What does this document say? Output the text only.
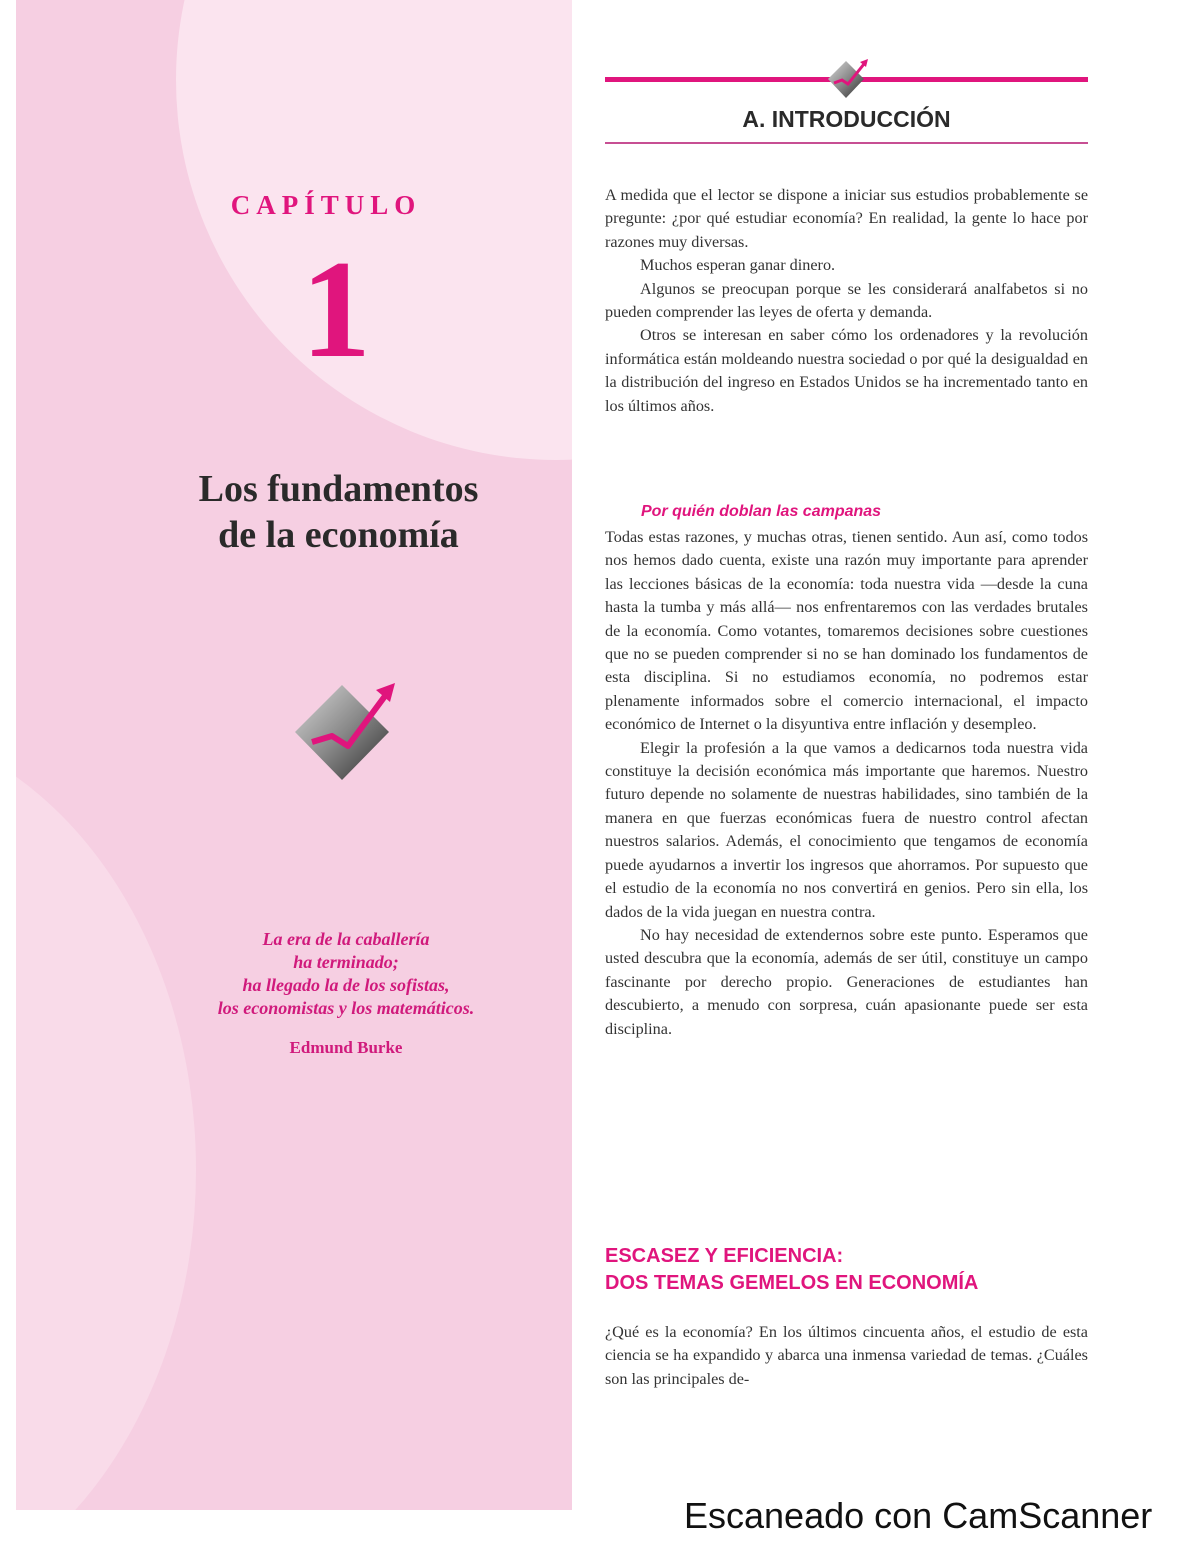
CAPÍTULO
1
Los fundamentos
de la economía
La era de la caballería
ha terminado;
ha llegado la de los sofistas,
los economistas y los matemáticos.
Edmund Burke
A. INTRODUCCIÓN

A medida que el lector se dispone a iniciar sus estudios probablemente se pregunte: ¿por qué estudiar economía? En realidad, la gente lo hace por razones muy diversas.

Muchos esperan ganar dinero.

Algunos se preocupan porque se les considerará analfabetos si no pueden comprender las leyes de oferta y demanda.

Otros se interesan en saber cómo los ordenadores y la revolución informática están moldeando nuestra sociedad o por qué la desigualdad en la distribución del ingreso en Estados Unidos se ha incrementado tanto en los últimos años.

Por quién doblan las campanas

Todas estas razones, y muchas otras, tienen sentido. Aun así, como todos nos hemos dado cuenta, existe una razón muy importante para aprender las lecciones básicas de la economía: toda nuestra vida —desde la cuna hasta la tumba y más allá— nos enfrentaremos con las verdades brutales de la economía. Como votantes, tomaremos decisiones sobre cuestiones que no se pueden comprender si no se han dominado los fundamentos de esta disciplina. Si no estudiamos economía, no podremos estar plenamente informados sobre el comercio internacional, el impacto económico de Internet o la disyuntiva entre inflación y desempleo.

Elegir la profesión a la que vamos a dedicarnos toda nuestra vida constituye la decisión económica más importante que haremos. Nuestro futuro depende no solamente de nuestras habilidades, sino también de la manera en que fuerzas económicas fuera de nuestro control afectan nuestros salarios. Además, el conocimiento que tengamos de economía puede ayudarnos a invertir los ingresos que ahorramos. Por supuesto que el estudio de la economía no nos convertirá en genios. Pero sin ella, los dados de la vida juegan en nuestra contra.

No hay necesidad de extendernos sobre este punto. Esperamos que usted descubra que la economía, además de ser útil, constituye un campo fascinante por derecho propio. Generaciones de estudiantes han descubierto, a menudo con sorpresa, cuán apasionante puede ser esta disciplina.

ESCASEZ Y EFICIENCIA:
DOS TEMAS GEMELOS EN ECONOMÍA

¿Qué es la economía? En los últimos cincuenta años, el estudio de esta ciencia se ha expandido y abarca una inmensa variedad de temas. ¿Cuáles son las principales de-

Escaneado con CamScanner
